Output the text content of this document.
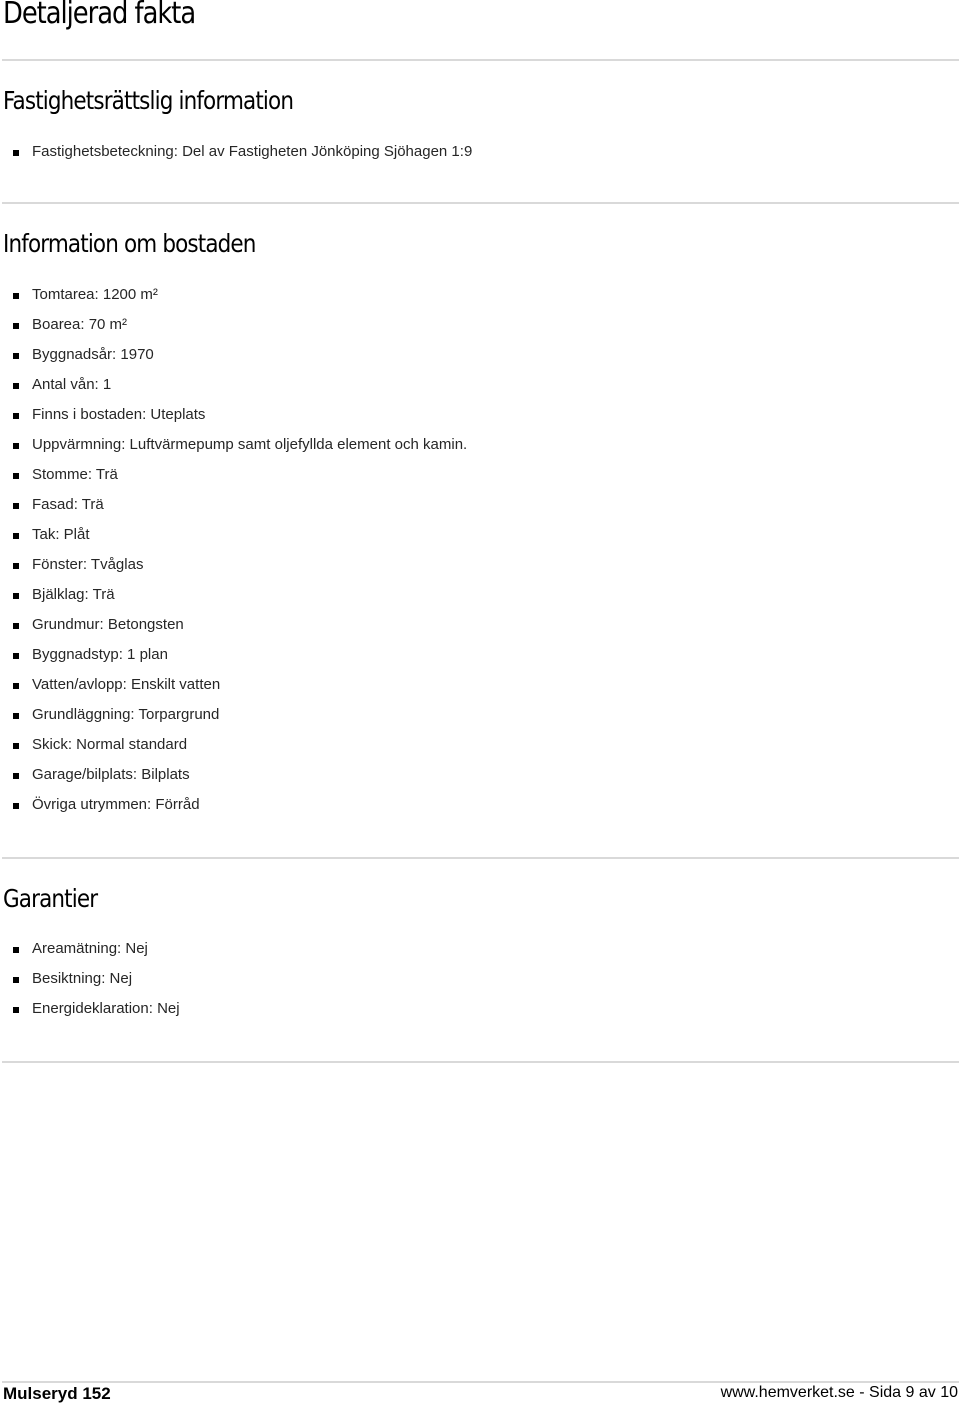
Detaljerad fakta
Fastighetsrättslig information
Fastighetsbeteckning: Del av Fastigheten Jönköping Sjöhagen 1:9
Information om bostaden
Tomtarea: 1200 m²
Boarea: 70 m²
Byggnadsår: 1970
Antal vån: 1
Finns i bostaden: Uteplats
Uppvärmning: Luftvärmepump samt oljefyllda element och kamin.
Stomme: Trä
Fasad: Trä
Tak: Plåt
Fönster: Tvåglas
Bjälklag: Trä
Grundmur: Betongsten
Byggnadstyp: 1 plan
Vatten/avlopp: Enskilt vatten
Grundläggning: Torpargrund
Skick: Normal standard
Garage/bilplats: Bilplats
Övriga utrymmen: Förråd
Garantier
Areamätning: Nej
Besiktning: Nej
Energideklaration: Nej
Mulseryd 152	www.hemverket.se - Sida 9 av 10
